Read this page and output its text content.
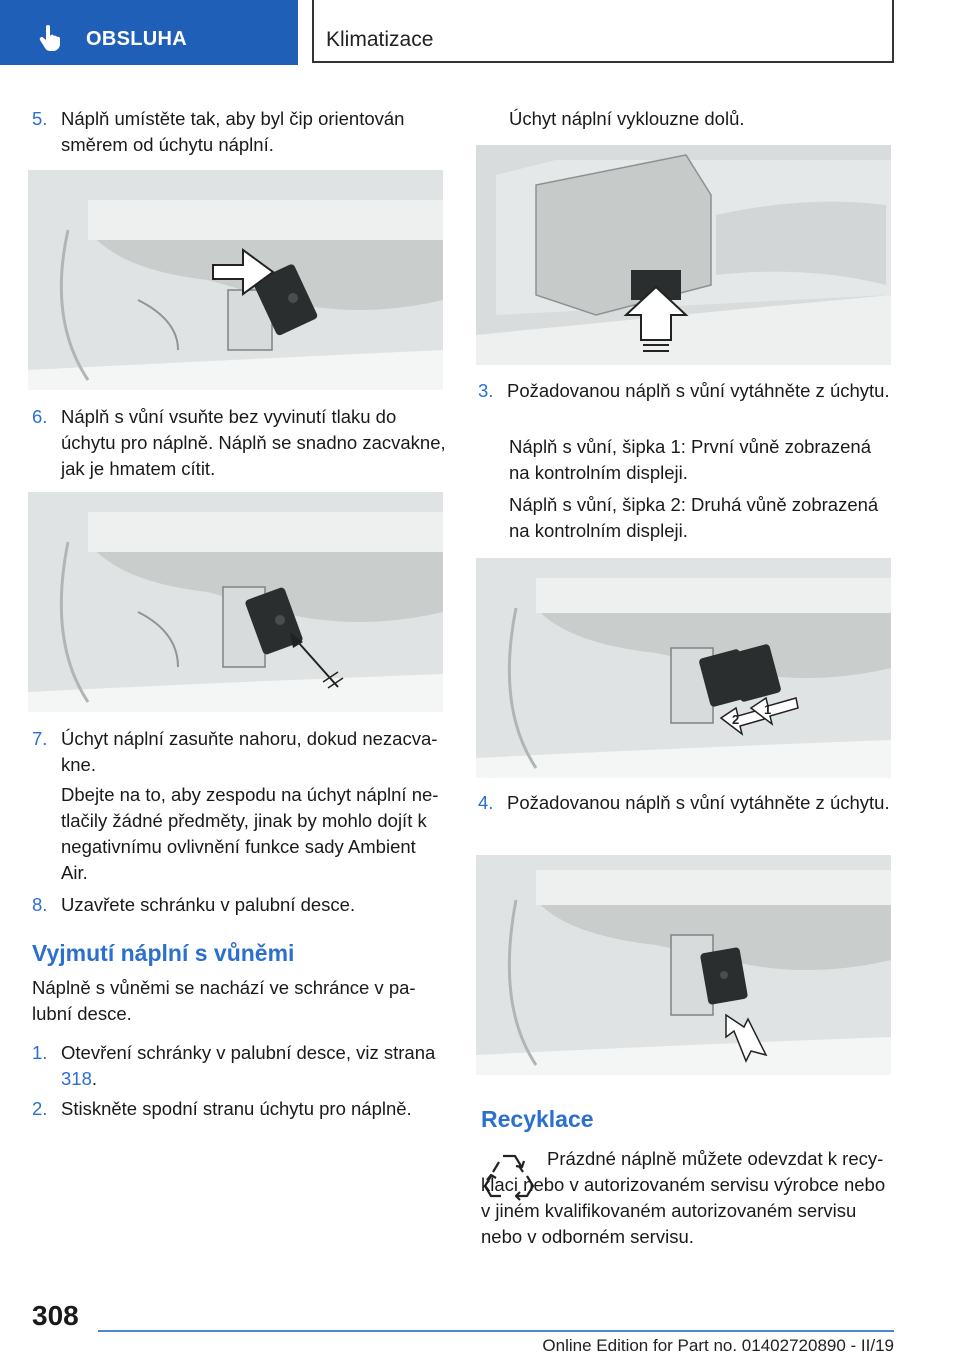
OBSLUHA	Klimatizace
5. Náplň umístěte tak, aby byl čip orientován směrem od úchytu náplní.
6. Náplň s vůní vsuňte bez vyvinutí tlaku do úchytu pro náplně. Náplň se snadno zacvakne, jak je hmatem cítit.
7. Úchyt náplní zasuňte nahoru, dokud nezacvakne.
Dbejte na to, aby zespodu na úchyt náplní netlačily žádné předměty, jinak by mohlo dojít k negativnímu ovlivnění funkce sady Ambient Air.
8. Uzavřete schránku v palubní desce.
Vyjmutí náplní s vůněmi
Náplně s vůněmi se nachází ve schránce v palubní desce.
1. Otevření schránky v palubní desce, viz strana 318.
2. Stiskněte spodní stranu úchytu pro náplně.
Úchyt náplní vyklouzne dolů.
3. Požadovanou náplň s vůní vytáhněte z úchytu.
Náplň s vůní, šipka 1: První vůně zobrazená na kontrolním displeji.
Náplň s vůní, šipka 2: Druhá vůně zobrazená na kontrolním displeji.
2
1
4. Požadovanou náplň s vůní vytáhněte z úchytu.
Recyklace
Prázdné náplně můžete odevzdat k recyklaci nebo v autorizovaném servisu výrobce nebo v jiném kvalifikovaném autorizovaném servisu nebo v odborném servisu.
308
Online Edition for Part no. 01402720890 - II/19
